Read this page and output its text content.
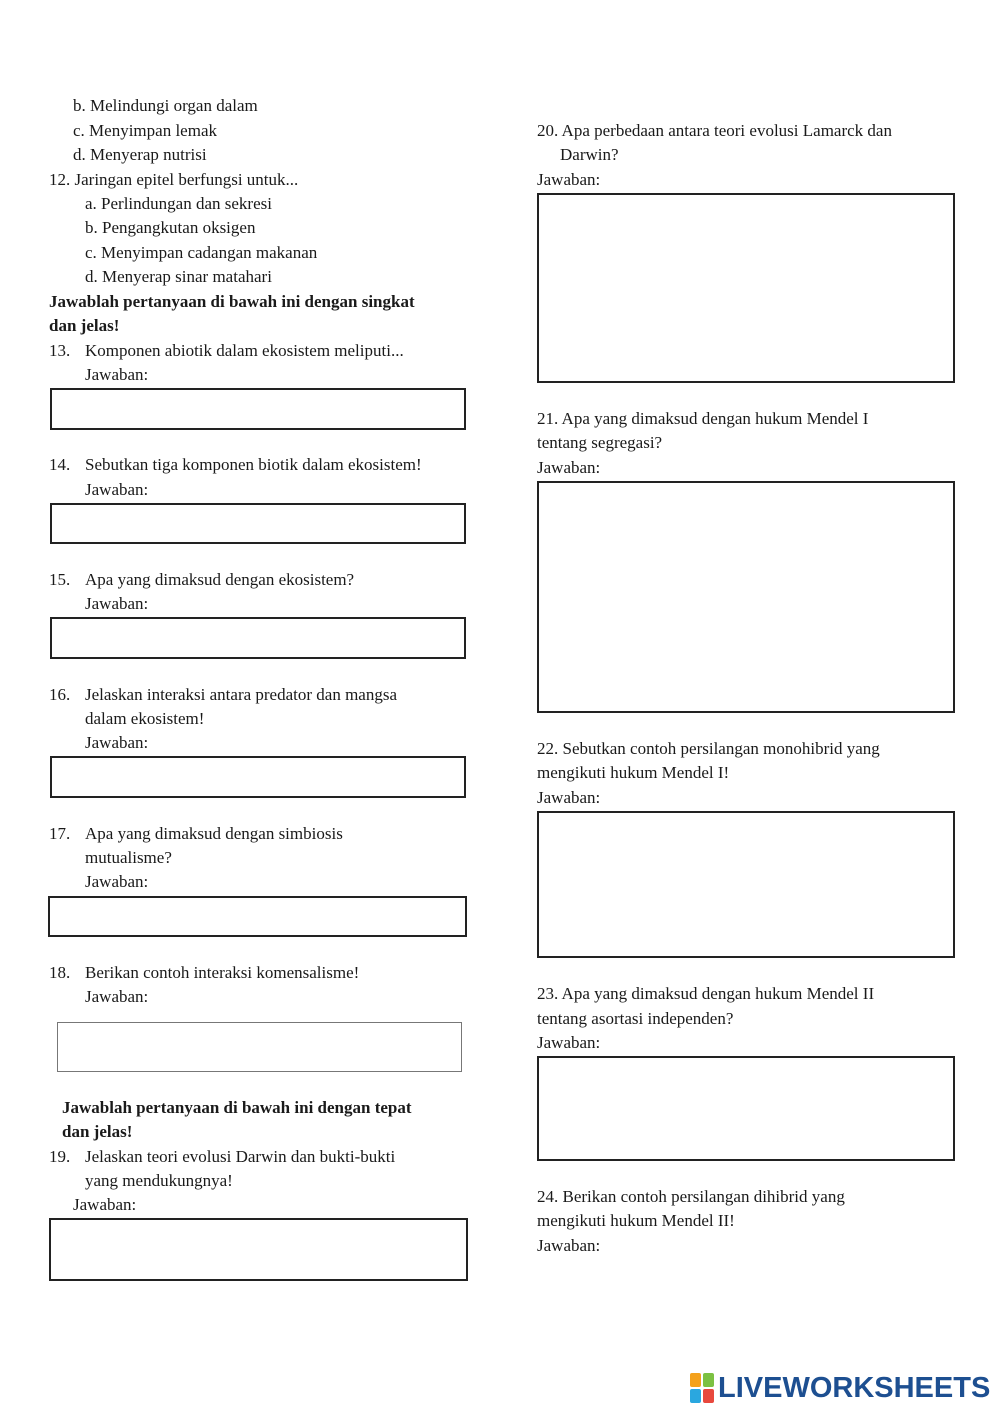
b. Melindungi organ dalam
c. Menyimpan lemak
d. Menyerap nutrisi
12. Jaringan epitel berfungsi untuk...
a. Perlindungan dan sekresi
b. Pengangkutan oksigen
c. Menyimpan cadangan makanan
d. Menyerap sinar matahari
Jawablah pertanyaan di bawah ini dengan singkat
dan jelas!
13. Komponen abiotik dalam ekosistem meliputi...
Jawaban:
14. Sebutkan tiga komponen biotik dalam ekosistem!
Jawaban:
15. Apa yang dimaksud dengan ekosistem?
Jawaban:
16. Jelaskan interaksi antara predator dan mangsa
dalam ekosistem!
Jawaban:
17. Apa yang dimaksud dengan simbiosis
mutualisme?
Jawaban:
18. Berikan contoh interaksi komensalisme!
Jawaban:
Jawablah pertanyaan di bawah ini dengan tepat
dan jelas!
19. Jelaskan teori evolusi Darwin dan bukti-bukti
yang mendukungnya!
Jawaban:
20. Apa perbedaan antara teori evolusi Lamarck dan
Darwin?
Jawaban:
21. Apa yang dimaksud dengan hukum Mendel I
tentang segregasi?
Jawaban:
22. Sebutkan contoh persilangan monohibrid yang
mengikuti hukum Mendel I!
Jawaban:
23. Apa yang dimaksud dengan hukum Mendel II
tentang asortasi independen?
Jawaban:
24. Berikan contoh persilangan dihibrid yang
mengikuti hukum Mendel II!
Jawaban:
LIVEWORKSHEETS
